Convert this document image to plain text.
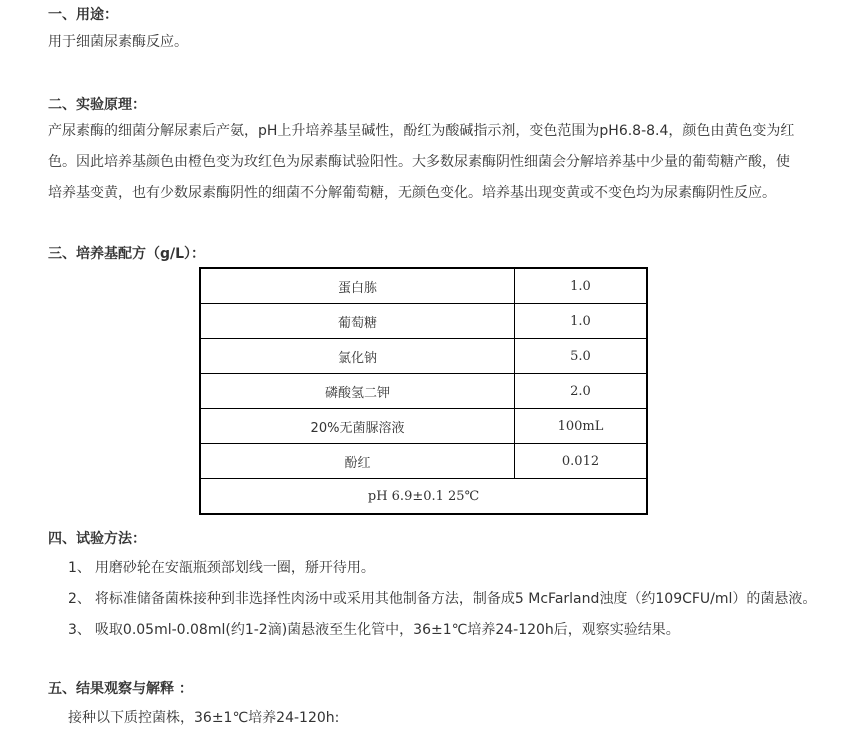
一、用途：

用于细菌尿素酶反应。

二、实验原理：

产尿素酶的细菌分解尿素后产氨，pH上升培养基呈碱性，酚红为酸碱指示剂，变色范围为pH6.8-8.4，颜色由黄色变为红色。因此培养基颜色由橙色变为玫红色为尿素酶试验阳性。大多数尿素酶阴性细菌会分解培养基中少量的葡萄糖产酸，使培养基变黄，也有少数尿素酶阴性的细菌不分解葡萄糖，无颜色变化。培养基出现变黄或不变色均为尿素酶阴性反应。

三、培养基配方（g/L）：
蛋白胨	1.0
葡萄糖	1.0
氯化钠	5.0
磷酸氢二钾	2.0
20%无菌脲溶液	100mL
酚红	0.012
pH 6.9±0.1 25℃	
四、试验方法：
1、 用磨砂轮在安瓿瓶颈部划线一圈，掰开待用。
2、 将标准储备菌株接种到非选择性肉汤中或采用其他制备方法，制备成5 McFarland浊度（约109CFU/ml）的菌悬液。
3、 吸取0.05ml-0.08ml(约1-2滴)菌悬液至生化管中，36±1℃培养24-120h后，观察实验结果。
五、结果观察与解释 ：
接种以下质控菌株，36±1℃培养24-120h:
